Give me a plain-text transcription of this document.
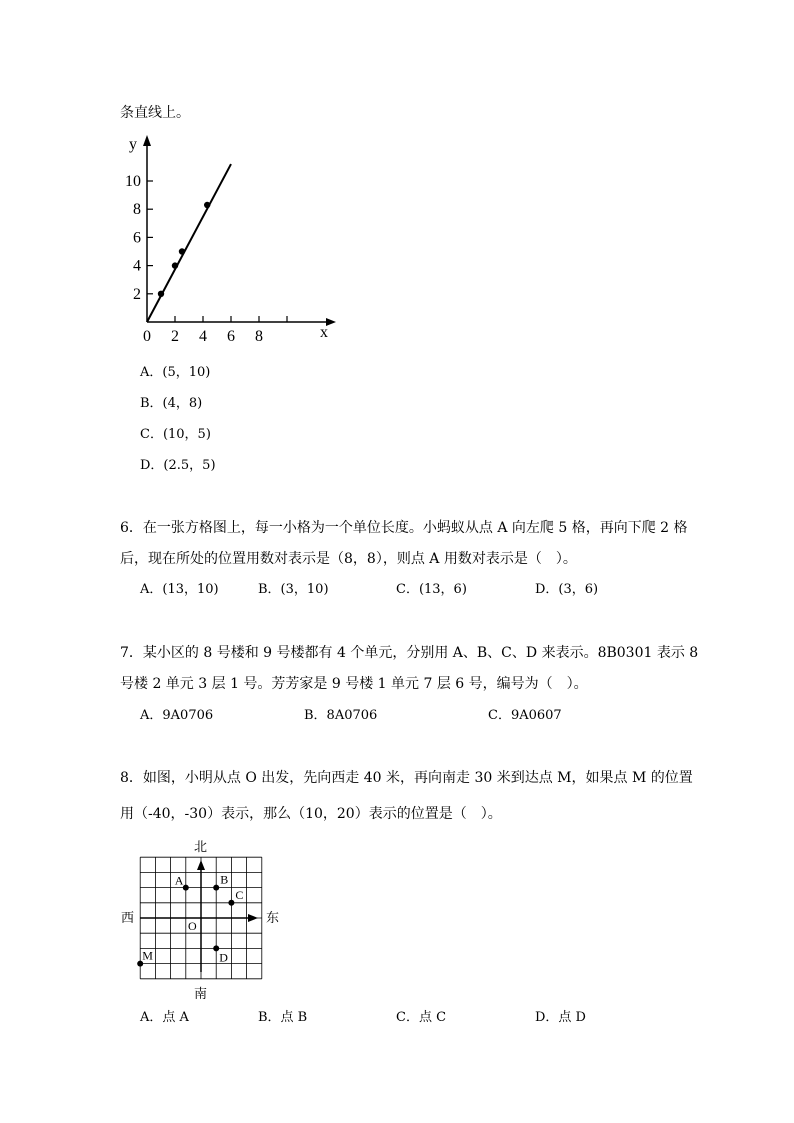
条直线上。
2
4
6
8
10
2 4 6 8
y
x
0
A．(5，10)
B．(4，8)
C．(10，5)
D．(2.5，5)
6．在一张方格图上，每一小格为一个单位长度。小蚂蚁从点 A 向左爬 5 格，再向下爬 2 格
后，现在所处的位置用数对表示是（8，8），则点 A 用数对表示是（　）。
A．(13，10)	B．(3，10)	C．(13，6)	D．(3，6)
7．某小区的 8 号楼和 9 号楼都有 4 个单元，分别用 A、B、C、D 来表示。8B0301 表示 8
号楼 2 单元 3 层 1 号。芳芳家是 9 号楼 1 单元 7 层 6 号，编号为（　）。
A．9A0706	B．8A0706	C．9A0607
8．如图，小明从点 O 出发，先向西走 40 米，再向南走 30 米到达点 M，如果点 M 的位置
用（-40，-30）表示，那么（10，20）表示的位置是（　）。
北
南
西	东
O
A	B
C
D
M
A．点 A	B．点 B	C．点 C	D．点 D
